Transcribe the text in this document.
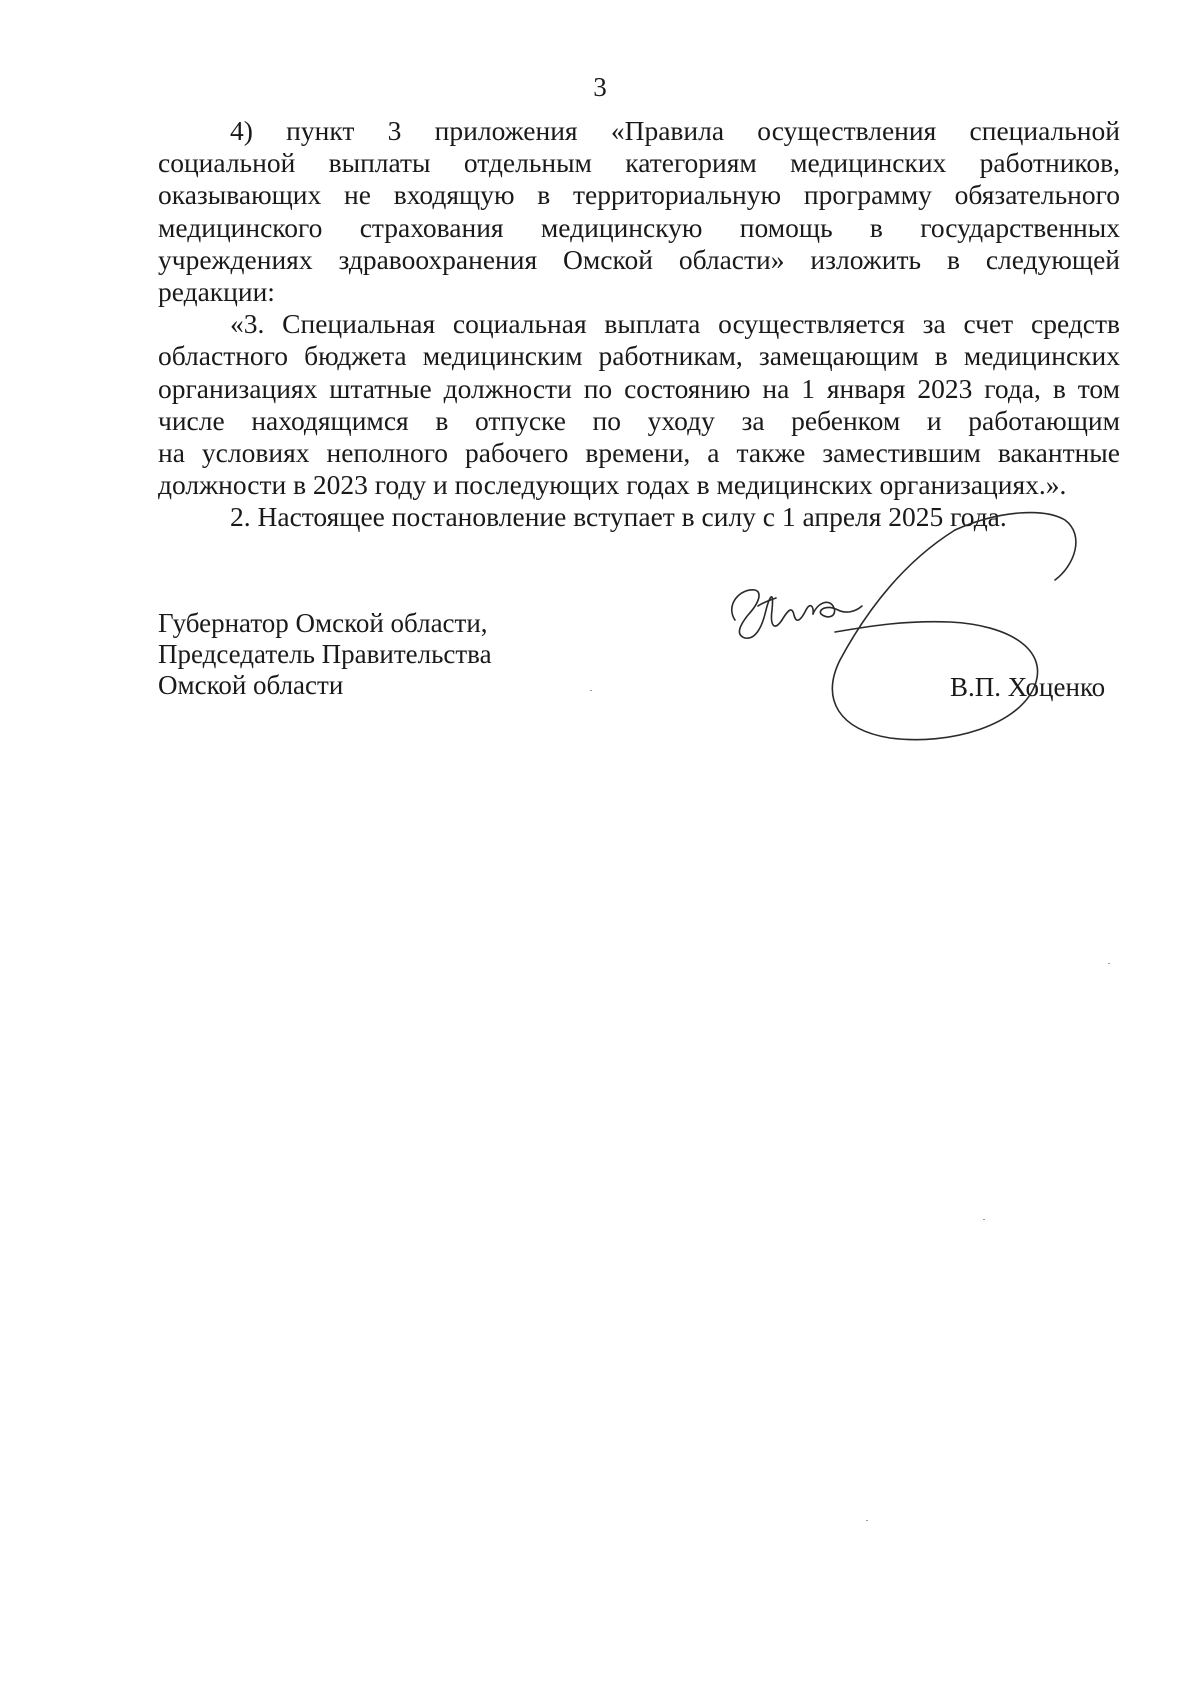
3
4) пункт 3 приложения «Правила осуществления специальной
социальной выплаты отдельным категориям медицинских работников,
оказывающих не входящую в территориальную программу обязательного
медицинского страхования медицинскую помощь в государственных
учреждениях здравоохранения Омской области» изложить в следующей
редакции:
«3. Специальная социальная выплата осуществляется за счет средств
областного бюджета медицинским работникам, замещающим в медицинских
организациях штатные должности по состоянию на 1 января 2023 года, в том
числе находящимся в отпуске по уходу за ребенком и работающим
на условиях неполного рабочего времени, а также заместившим вакантные
должности в 2023 году и последующих годах в медицинских организациях.».
2. Настоящее постановление вступает в силу с 1 апреля 2025 года.
Губернатор Омской области,
Председатель Правительства
Омской области	В.П. Хоценко
